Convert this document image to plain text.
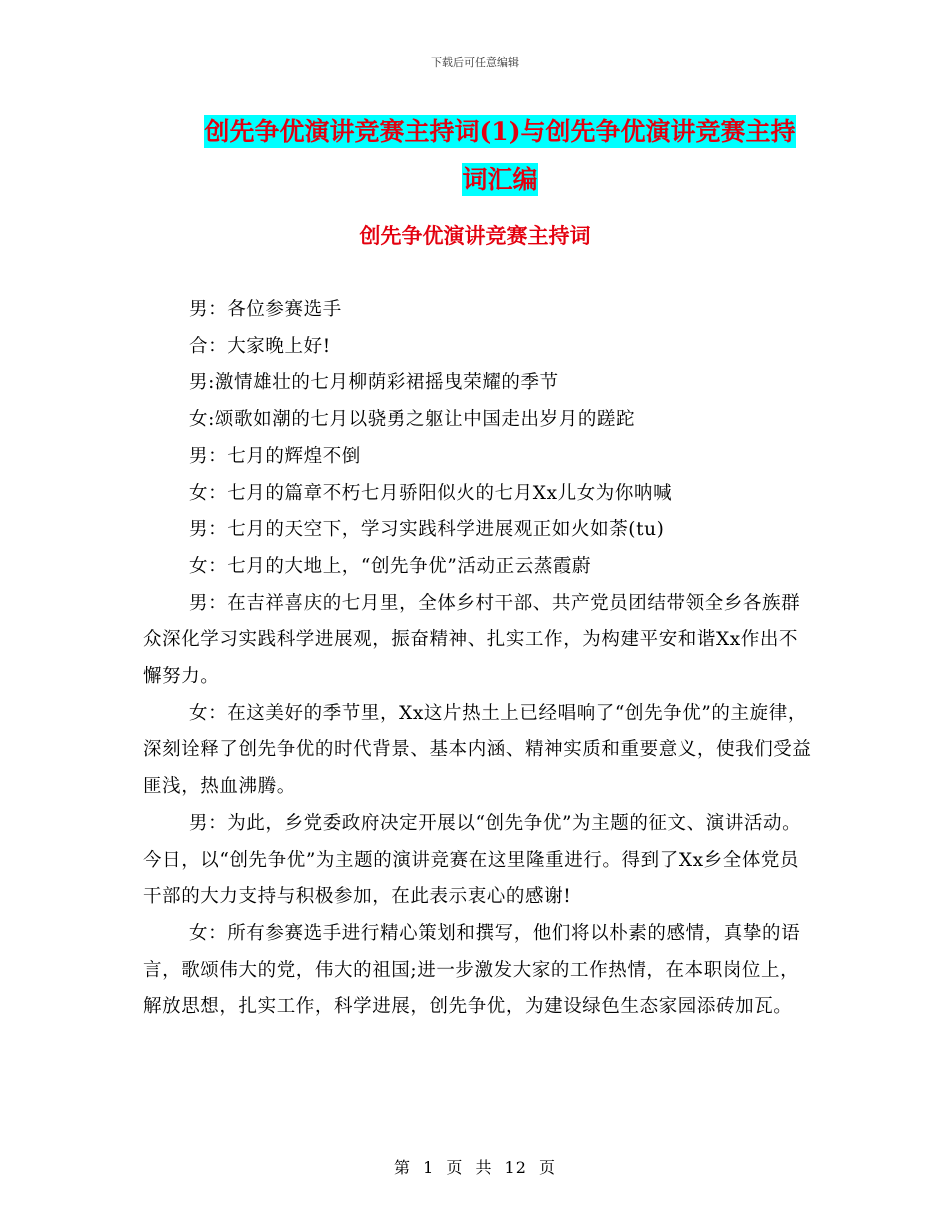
下载后可任意编辑
创先争优演讲竞赛主持词(1)与创先争优演讲竞赛主持
词汇编
创先争优演讲竞赛主持词

男：各位参赛选手

合：大家晚上好!

男:激情雄壮的七月柳荫彩裙摇曳荣耀的季节

女:颂歌如潮的七月以骁勇之躯让中国走出岁月的蹉跎

男：七月的辉煌不倒

女：七月的篇章不朽七月骄阳似火的七月Xx儿女为你呐喊

男：七月的天空下，学习实践科学进展观正如火如荼(tu)

女：七月的大地上，“创先争优”活动正云蒸霞蔚

男：在吉祥喜庆的七月里，全体乡村干部、共产党员团结带领全乡各族群众深化学习实践科学进展观，振奋精神、扎实工作，为构建平安和谐Xx作出不懈努力。

女：在这美好的季节里，Xx这片热土上已经唱响了“创先争优”的主旋律，深刻诠释了创先争优的时代背景、基本内涵、精神实质和重要意义，使我们受益匪浅，热血沸腾。

男：为此，乡党委政府决定开展以“创先争优”为主题的征文、演讲活动。今日，以“创先争优”为主题的演讲竞赛在这里隆重进行。得到了Xx乡全体党员干部的大力支持与积极参加，在此表示衷心的感谢!

女：所有参赛选手进行精心策划和撰写，他们将以朴素的感情，真挚的语言，歌颂伟大的党，伟大的祖国;进一步激发大家的工作热情，在本职岗位上，解放思想，扎实工作，科学进展，创先争优，为建设绿色生态家园添砖加瓦。

第 1 页 共 12 页
